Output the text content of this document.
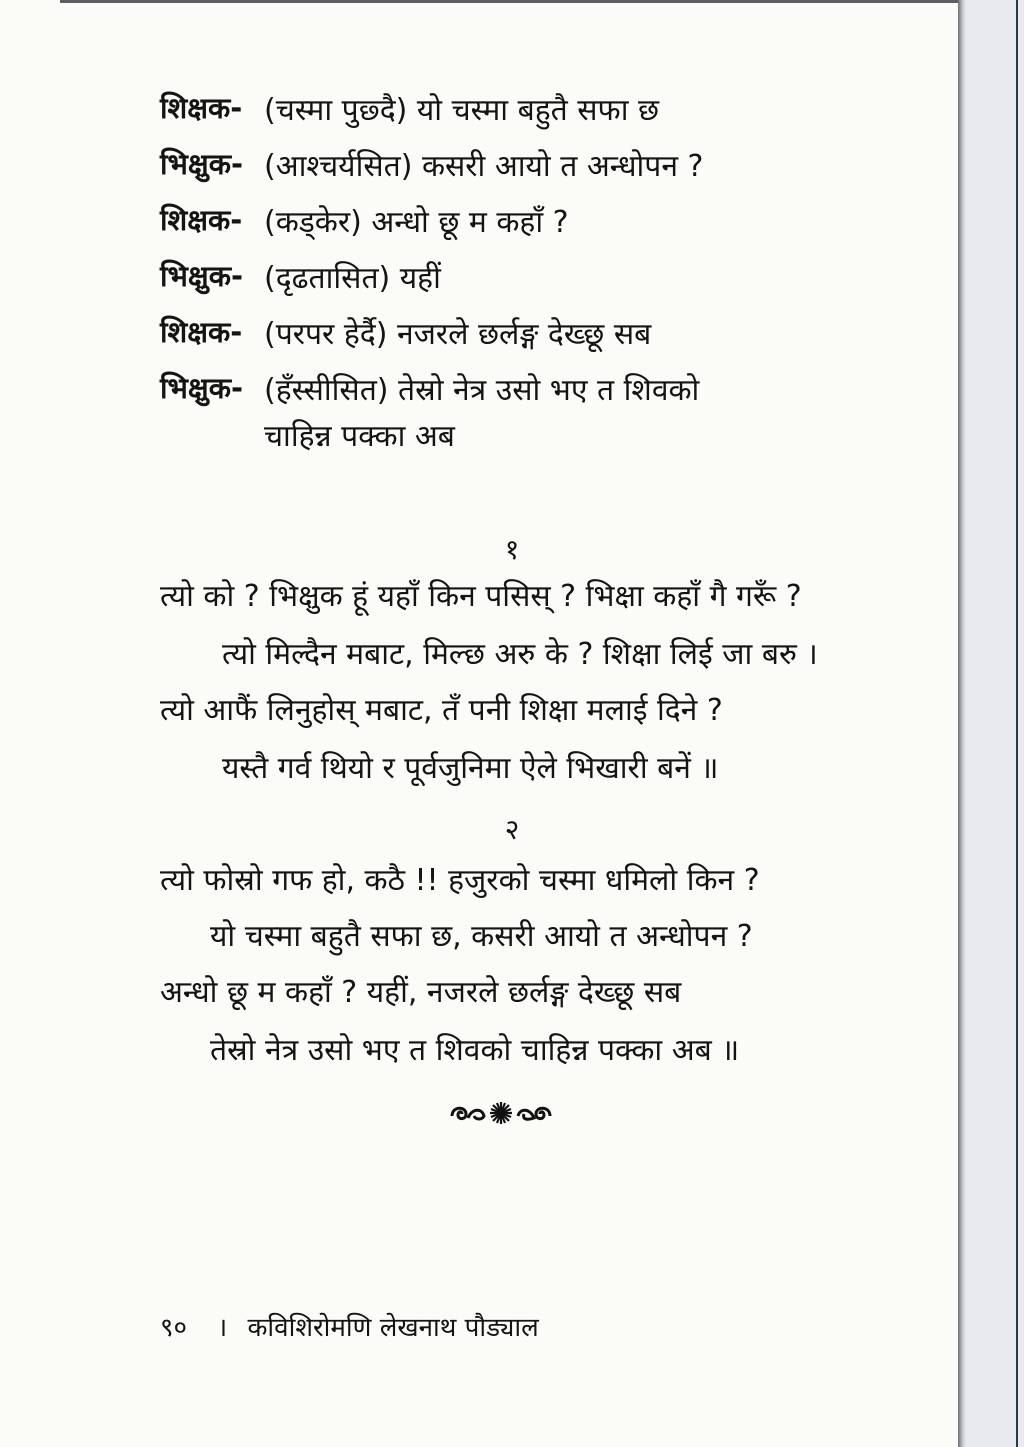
शिक्षक- (चस्मा पुछ्दै) यो चस्मा बहुतै सफा छ
भिक्षुक- (आश्चर्यसित) कसरी आयो त अन्धोपन ?
शिक्षक- (कड्केर) अन्धो छू म कहाँ ?
भिक्षुक- (दृढतासित) यहीं
शिक्षक- (परपर हेर्दै) नजरले छर्लङ्ग देख्छू सब
भिक्षुक- (हँस्सीसित) तेस्रो नेत्र उसो भए त शिवको
चाहिन्न पक्का अब
१
त्यो को ? भिक्षुक हूं यहाँ किन पसिस् ? भिक्षा कहाँ गै गरूँ ?
त्यो मिल्दैन मबाट, मिल्छ अरु के ? शिक्षा लिई जा बरु ।
त्यो आफैं लिनुहोस् मबाट, तँ पनी शिक्षा मलाई दिने ?
यस्तै गर्व थियो र पूर्वजुनिमा ऐले भिखारी बनें ॥
२
त्यो फोस्रो गफ हो, कठै !! हजुरको चस्मा धमिलो किन ?
यो चस्मा बहुतै सफा छ, कसरी आयो त अन्धोपन ?
अन्धो छू म कहाँ ? यहीं, नजरले छर्लङ्ग देख्छू सब
तेस्रो नेत्र उसो भए त शिवको चाहिन्न पक्का अब ॥
९० । कविशिरोमणि लेखनाथ पौड्याल
